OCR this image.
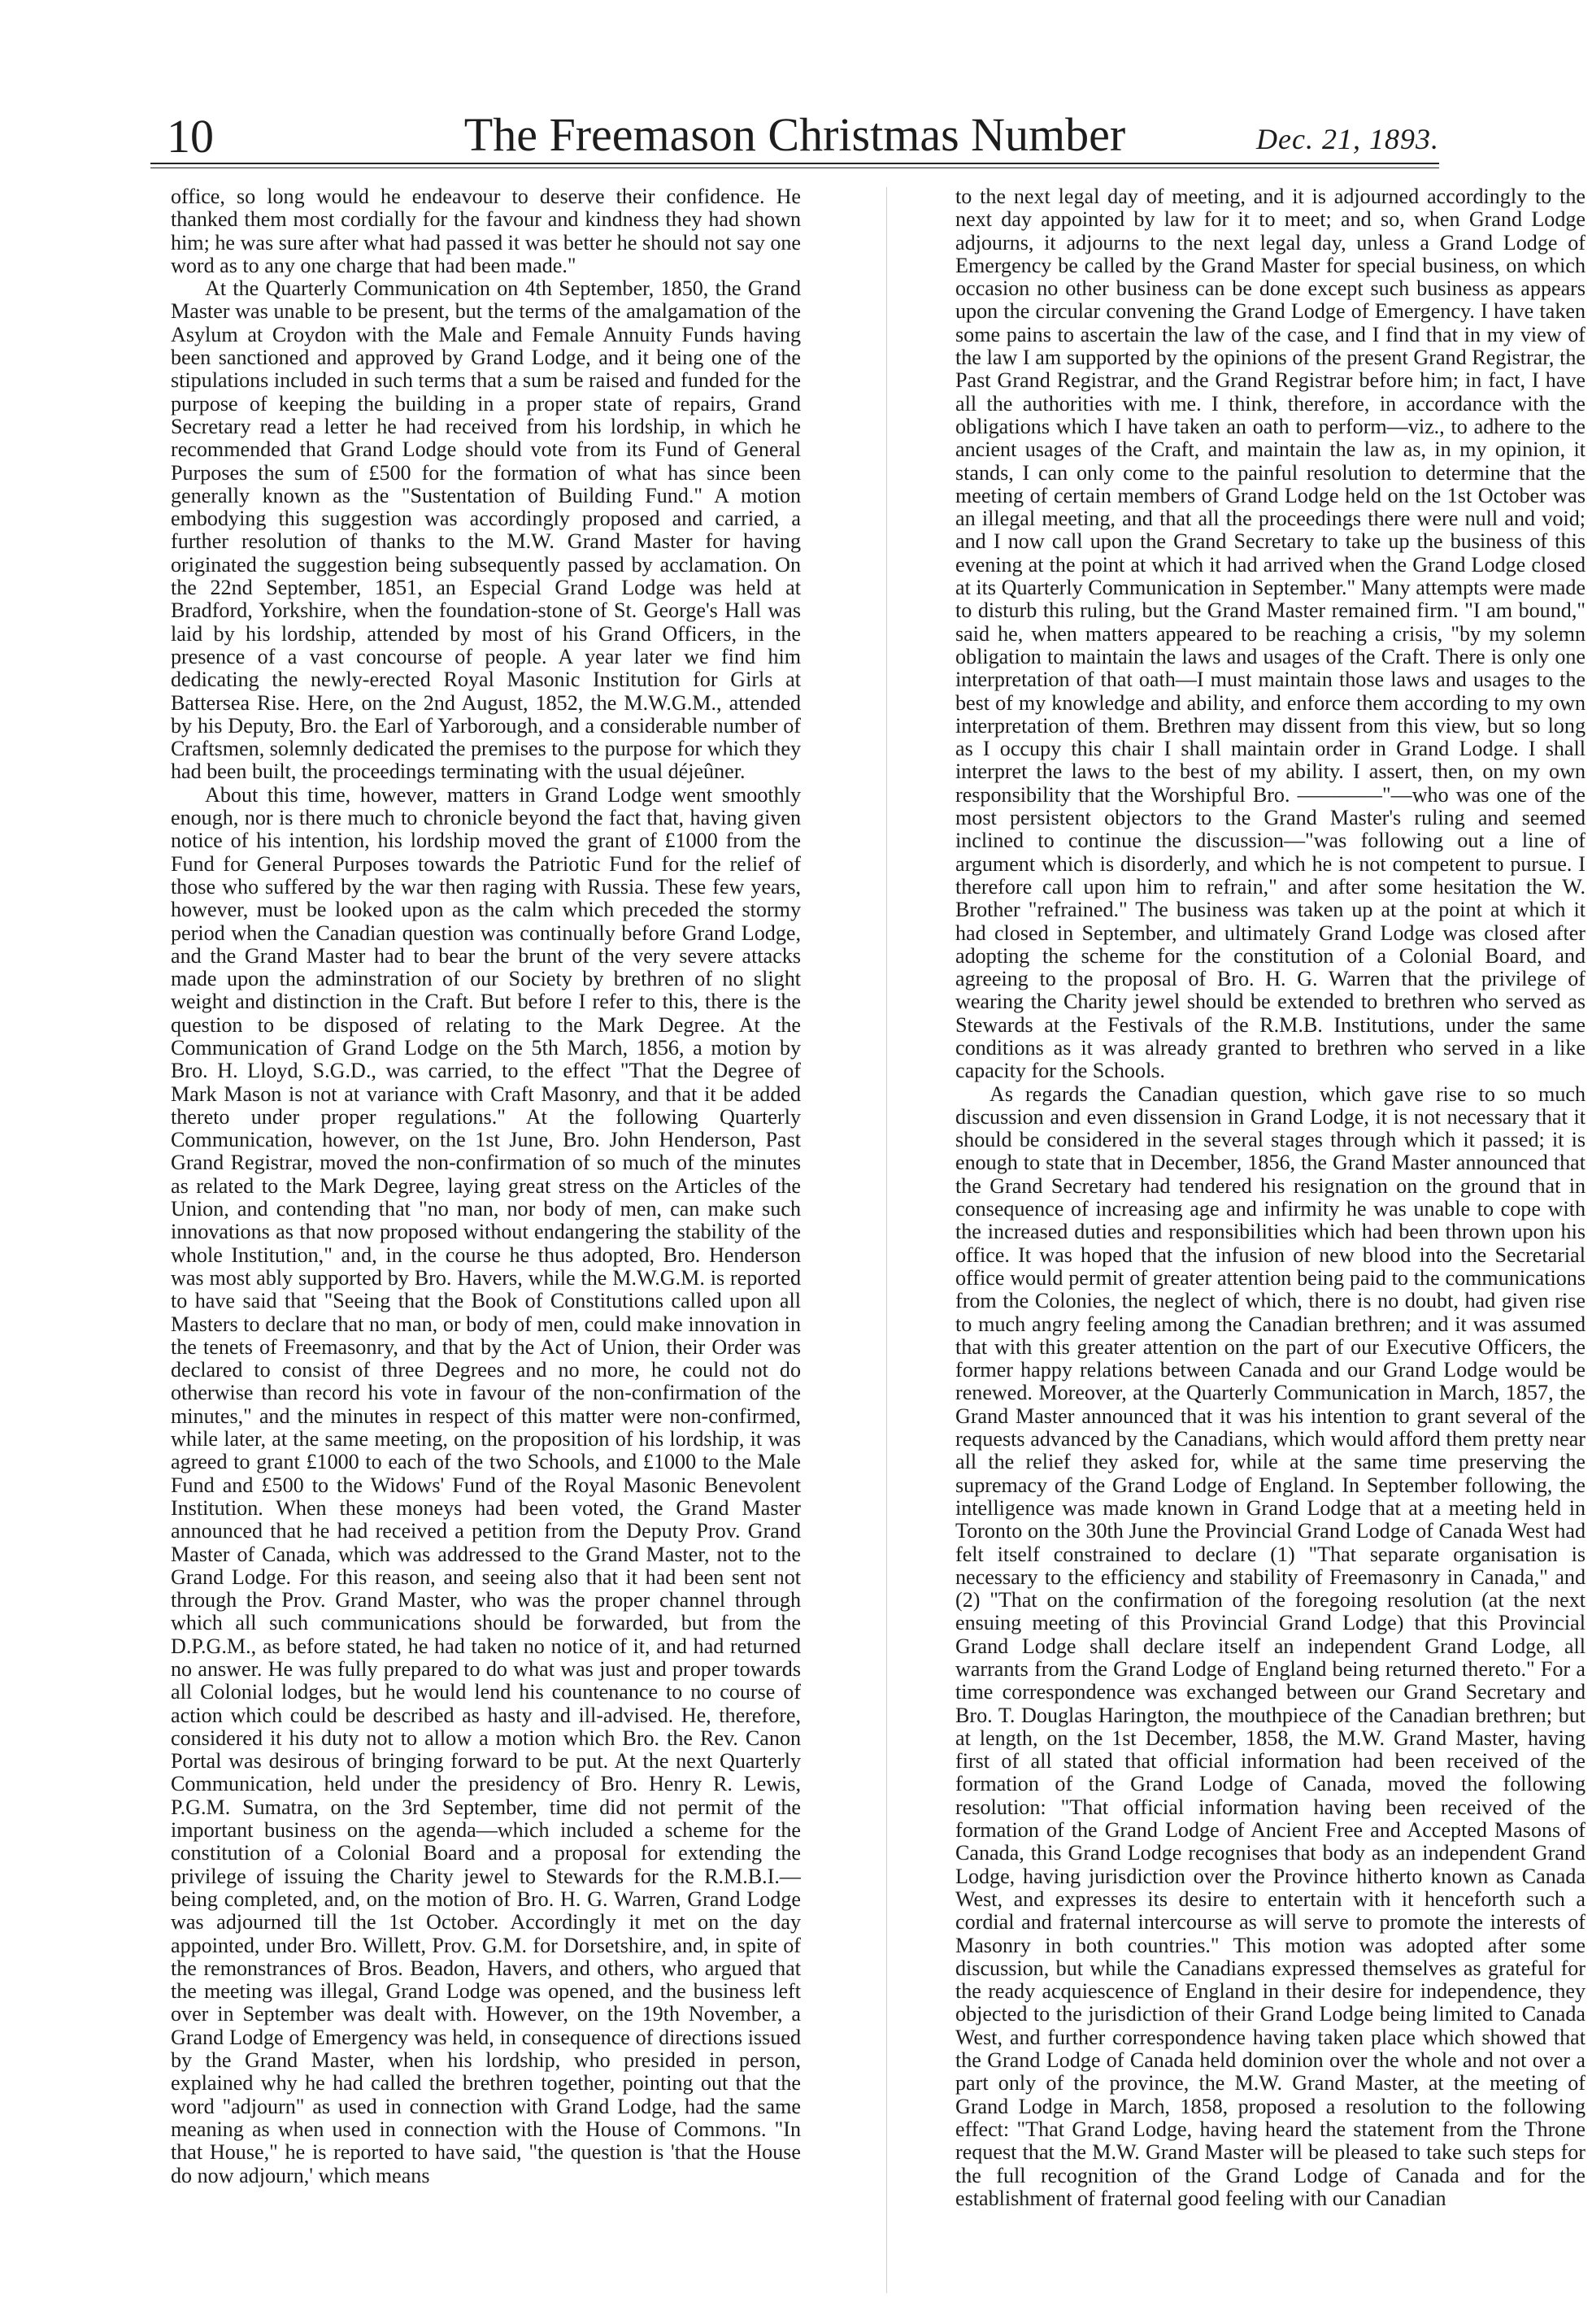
10	The Freemason Christmas Number	Dec. 21, 1893.

office, so long would he endeavour to deserve their confidence. He thanked them most cordially for the favour and kindness they had shown him; he was sure after what had passed it was better he should not say one word as to any one charge that had been made."

At the Quarterly Communication on 4th September, 1850, the Grand Master was unable to be present, but the terms of the amalgamation of the Asylum at Croydon with the Male and Female Annuity Funds having been sanctioned and approved by Grand Lodge, and it being one of the stipulations included in such terms that a sum be raised and funded for the purpose of keeping the building in a proper state of repairs, Grand Secretary read a letter he had received from his lordship, in which he recommended that Grand Lodge should vote from its Fund of General Purposes the sum of £500 for the formation of what has since been generally known as the "Sustentation of Building Fund." A motion embodying this suggestion was accordingly proposed and carried, a further resolution of thanks to the M.W. Grand Master for having originated the suggestion being subsequently passed by acclamation. On the 22nd September, 1851, an Especial Grand Lodge was held at Bradford, Yorkshire, when the foundation-stone of St. George's Hall was laid by his lordship, attended by most of his Grand Officers, in the presence of a vast concourse of people. A year later we find him dedicating the newly-erected Royal Masonic Institution for Girls at Battersea Rise. Here, on the 2nd August, 1852, the M.W.G.M., attended by his Deputy, Bro. the Earl of Yarborough, and a considerable number of Craftsmen, solemnly dedicated the premises to the purpose for which they had been built, the proceedings terminating with the usual déjeûner.

About this time, however, matters in Grand Lodge went smoothly enough, nor is there much to chronicle beyond the fact that, having given notice of his intention, his lordship moved the grant of £1000 from the Fund for General Purposes towards the Patriotic Fund for the relief of those who suffered by the war then raging with Russia. These few years, however, must be looked upon as the calm which preceded the stormy period when the Canadian question was continually before Grand Lodge, and the Grand Master had to bear the brunt of the very severe attacks made upon the adminstration of our Society by brethren of no slight weight and distinction in the Craft. But before I refer to this, there is the question to be disposed of relating to the Mark Degree. At the Communication of Grand Lodge on the 5th March, 1856, a motion by Bro. H. Lloyd, S.G.D., was carried, to the effect "That the Degree of Mark Mason is not at variance with Craft Masonry, and that it be added thereto under proper regulations." At the following Quarterly Communication, however, on the 1st June, Bro. John Henderson, Past Grand Registrar, moved the non-confirmation of so much of the minutes as related to the Mark Degree, laying great stress on the Articles of the Union, and contending that "no man, nor body of men, can make such innovations as that now proposed without endangering the stability of the whole Institution," and, in the course he thus adopted, Bro. Henderson was most ably supported by Bro. Havers, while the M.W.G.M. is reported to have said that "Seeing that the Book of Constitutions called upon all Masters to declare that no man, or body of men, could make innovation in the tenets of Freemasonry, and that by the Act of Union, their Order was declared to consist of three Degrees and no more, he could not do otherwise than record his vote in favour of the non-confirmation of the minutes," and the minutes in respect of this matter were non-confirmed, while later, at the same meeting, on the proposition of his lordship, it was agreed to grant £1000 to each of the two Schools, and £1000 to the Male Fund and £500 to the Widows' Fund of the Royal Masonic Benevolent Institution. When these moneys had been voted, the Grand Master announced that he had received a petition from the Deputy Prov. Grand Master of Canada, which was addressed to the Grand Master, not to the Grand Lodge. For this reason, and seeing also that it had been sent not through the Prov. Grand Master, who was the proper channel through which all such communications should be forwarded, but from the D.P.G.M., as before stated, he had taken no notice of it, and had returned no answer. He was fully prepared to do what was just and proper towards all Colonial lodges, but he would lend his countenance to no course of action which could be described as hasty and ill-advised. He, therefore, considered it his duty not to allow a motion which Bro. the Rev. Canon Portal was desirous of bringing forward to be put. At the next Quarterly Communication, held under the presidency of Bro. Henry R. Lewis, P.G.M. Sumatra, on the 3rd September, time did not permit of the important business on the agenda—which included a scheme for the constitution of a Colonial Board and a proposal for extending the privilege of issuing the Charity jewel to Stewards for the R.M.B.I.—being completed, and, on the motion of Bro. H. G. Warren, Grand Lodge was adjourned till the 1st October. Accordingly it met on the day appointed, under Bro. Willett, Prov. G.M. for Dorsetshire, and, in spite of the remonstrances of Bros. Beadon, Havers, and others, who argued that the meeting was illegal, Grand Lodge was opened, and the business left over in September was dealt with. However, on the 19th November, a Grand Lodge of Emergency was held, in consequence of directions issued by the Grand Master, when his lordship, who presided in person, explained why he had called the brethren together, pointing out that the word "adjourn" as used in connection with Grand Lodge, had the same meaning as when used in connection with the House of Commons. "In that House," he is reported to have said, "the question is 'that the House do now adjourn,' which means

to the next legal day of meeting, and it is adjourned accordingly to the next day appointed by law for it to meet; and so, when Grand Lodge adjourns, it adjourns to the next legal day, unless a Grand Lodge of Emergency be called by the Grand Master for special business, on which occasion no other business can be done except such business as appears upon the circular convening the Grand Lodge of Emergency. I have taken some pains to ascertain the law of the case, and I find that in my view of the law I am supported by the opinions of the present Grand Registrar, the Past Grand Registrar, and the Grand Registrar before him; in fact, I have all the authorities with me. I think, therefore, in accordance with the obligations which I have taken an oath to perform—viz., to adhere to the ancient usages of the Craft, and maintain the law as, in my opinion, it stands, I can only come to the painful resolution to determine that the meeting of certain members of Grand Lodge held on the 1st October was an illegal meeting, and that all the proceedings there were null and void; and I now call upon the Grand Secretary to take up the business of this evening at the point at which it had arrived when the Grand Lodge closed at its Quarterly Communication in September." Many attempts were made to disturb this ruling, but the Grand Master remained firm. "I am bound," said he, when matters appeared to be reaching a crisis, "by my solemn obligation to maintain the laws and usages of the Craft. There is only one interpretation of that oath—I must maintain those laws and usages to the best of my knowledge and ability, and enforce them according to my own interpretation of them. Brethren may dissent from this view, but so long as I occupy this chair I shall maintain order in Grand Lodge. I shall interpret the laws to the best of my ability. I assert, then, on my own responsibility that the Worshipful Bro. ————"—who was one of the most persistent objectors to the Grand Master's ruling and seemed inclined to continue the discussion—"was following out a line of argument which is disorderly, and which he is not competent to pursue. I therefore call upon him to refrain," and after some hesitation the W. Brother "refrained." The business was taken up at the point at which it had closed in September, and ultimately Grand Lodge was closed after adopting the scheme for the constitution of a Colonial Board, and agreeing to the proposal of Bro. H. G. Warren that the privilege of wearing the Charity jewel should be extended to brethren who served as Stewards at the Festivals of the R.M.B. Institutions, under the same conditions as it was already granted to brethren who served in a like capacity for the Schools.

As regards the Canadian question, which gave rise to so much discussion and even dissension in Grand Lodge, it is not necessary that it should be considered in the several stages through which it passed; it is enough to state that in December, 1856, the Grand Master announced that the Grand Secretary had tendered his resignation on the ground that in consequence of increasing age and infirmity he was unable to cope with the increased duties and responsibilities which had been thrown upon his office. It was hoped that the infusion of new blood into the Secretarial office would permit of greater attention being paid to the communications from the Colonies, the neglect of which, there is no doubt, had given rise to much angry feeling among the Canadian brethren; and it was assumed that with this greater attention on the part of our Executive Officers, the former happy relations between Canada and our Grand Lodge would be renewed. Moreover, at the Quarterly Communication in March, 1857, the Grand Master announced that it was his intention to grant several of the requests advanced by the Canadians, which would afford them pretty near all the relief they asked for, while at the same time preserving the supremacy of the Grand Lodge of England. In September following, the intelligence was made known in Grand Lodge that at a meeting held in Toronto on the 30th June the Provincial Grand Lodge of Canada West had felt itself constrained to declare (1) "That separate organisation is necessary to the efficiency and stability of Freemasonry in Canada," and (2) "That on the confirmation of the foregoing resolution (at the next ensuing meeting of this Provincial Grand Lodge) that this Provincial Grand Lodge shall declare itself an independent Grand Lodge, all warrants from the Grand Lodge of England being returned thereto." For a time correspondence was exchanged between our Grand Secretary and Bro. T. Douglas Harington, the mouthpiece of the Canadian brethren; but at length, on the 1st December, 1858, the M.W. Grand Master, having first of all stated that official information had been received of the formation of the Grand Lodge of Canada, moved the following resolution: "That official information having been received of the formation of the Grand Lodge of Ancient Free and Accepted Masons of Canada, this Grand Lodge recognises that body as an independent Grand Lodge, having jurisdiction over the Province hitherto known as Canada West, and expresses its desire to entertain with it henceforth such a cordial and fraternal intercourse as will serve to promote the interests of Masonry in both countries." This motion was adopted after some discussion, but while the Canadians expressed themselves as grateful for the ready acquiescence of England in their desire for independence, they objected to the jurisdiction of their Grand Lodge being limited to Canada West, and further correspondence having taken place which showed that the Grand Lodge of Canada held dominion over the whole and not over a part only of the province, the M.W. Grand Master, at the meeting of Grand Lodge in March, 1858, proposed a resolution to the following effect: "That Grand Lodge, having heard the statement from the Throne request that the M.W. Grand Master will be pleased to take such steps for the full recognition of the Grand Lodge of Canada and for the establishment of fraternal good feeling with our Canadian
